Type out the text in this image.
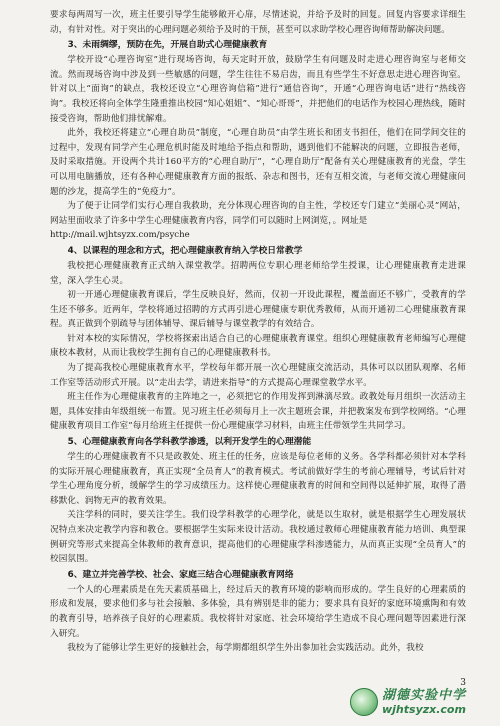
要求每两周写一次，班主任要引导学生能够敞开心扉，尽情述说，并给予及时的回复。回复内容要求详细生动，有针对性。对于突出的心理问题必须给予及时的干预，甚至可以求助学校心理咨询师帮助解决问题。

3、未雨绸缪，预防在先，开展自助式心理健康教育

学校开设“心理咨询室”进行现场咨询，每天定时开放，鼓励学生有问题及时走进心理咨询室与老师交流。然而现场咨询中涉及到一些敏感的问题，学生往往不易启齿，而且有些学生不好意思走进心理咨询室。针对以上“面询”的缺点，我校还设立“心理咨询信箱”进行“通信咨询”，开通“心理咨询电话”进行“热线咨询”。我校还将向全体学生隆重推出校园“知心姐姐”、“知心哥哥”，并把他们的电话作为校园心理热线，随时接受咨询，帮助他们排忧解难。

此外，我校还将建立“心理自助员”制度，“心理自助员”由学生班长和团支书担任，他们在同学间交往的过程中，发现有同学产生心理危机时能及时地给予指点和帮助，遇到他们不能解决的问题，立即报告老师，及时采取措施。开设两个共计160平方的“心理自助厅”，“心理自助厅”配备有关心理健康教育的光盘，学生可以用电脑播放，还有各种心理健康教育方面的报纸、杂志和图书，还有互相交流，与老师交流心理健康问题的沙龙，提高学生的“免疫力”。

为了便于让同学们实行心理自我救助，充分体现心理咨询的自主性，学校还专门建立“美丽心灵”网站，网站里面收录了许多中学生心理健康教育内容，同学们可以随时上网浏览，。网址是

http://mail.wjhtsyzx.com/psyche

4、以课程的理念和方式，把心理健康教育纳入学校日常教学

我校把心理健康教育正式纳入课堂教学。招聘两位专职心理老师给学生授课，让心理健康教育走进课堂，深入学生心灵。

初一开通心理健康教育课后，学生反映良好，然而，仅初一开设此课程，覆盖面还不够广，受教育的学生还不够多。近两年，学校将通过招聘的方式再引进心理健康专职优秀教师，从而开通初二心理健康教育课程。真正做到个别疏导与团体辅导、课后辅导与课堂教学的有效结合。

针对本校的实际情况，学校将探索出适合自己的心理健康教育课堂。组织心理健康教育老师编写心理健康校本教材，从而让我校学生拥有自己的心理健康教科书。

为了提高我校心理健康教育水平，学校每年都开展一次心理健康交流活动，具体可以以团队观摩、名师工作室等活动形式开展。以“走出去学，请进来指导”的方式提高心理课堂教学水平。

班主任作为心理健康教育的主阵地之一，必须把它的作用发挥到淋漓尽致。政教处每月组织一次活动主题，具体安排由年级组统一布置。见习班主任必须每月上一次主题班会课，并把教案发布到学校网络。“心理健康教育项目工作室”每月给班主任提供一份心理健康学习材料，由班主任带领学生共同学习。

5、心理健康教育向各学科教学渗透，以利开发学生的心理潜能

学生的心理健康教育不只是政教处、班主任的任务，应该是每位老师的义务。各学科都必须针对本学科的实际开展心理健康教育，真正实现“全员育人”的教育模式。考试前做好学生的考前心理辅导，考试后针对学生心理角度分析，缓解学生的学习成绩压力。这样使心理健康教育的时间和空间得以延伸扩展，取得了潜移默化、润物无声的教育效果。

关注学科的同时，要关注学生。我们设学科教学的心理学化，就是以生取材，就是根据学生心理发展状况特点来决定教学内容和教仓。要根据学生实际来设计活动。我校通过教师心理健康教育能力培训、典型课例研究等形式来提高全体教师的教育意识，提高他们的心理健康学科渗透能力，从而真正实现“全员育人”的校园氛围。

6、建立并完善学校、社会、家庭三结合心理健康教育网络

一个人的心理素质是在先天素质基础上，经过后天的教育环境的影响而形成的。学生良好的心理素质的形成和发展，要求他们多与社会接触、多体验，具有辨别是非的能力；要求具有良好的家庭环境熏陶和有效的教育引导，培养孩子良好的心理素质。我校将针对家庭、社会环境给学生造成不良心理问题等因素进行深入研究。

我校为了能够让学生更好的接触社会，每学期都组织学生外出参加社会实践活动。此外，我校

3
湖德实验中学
wjhtsyzx.com
